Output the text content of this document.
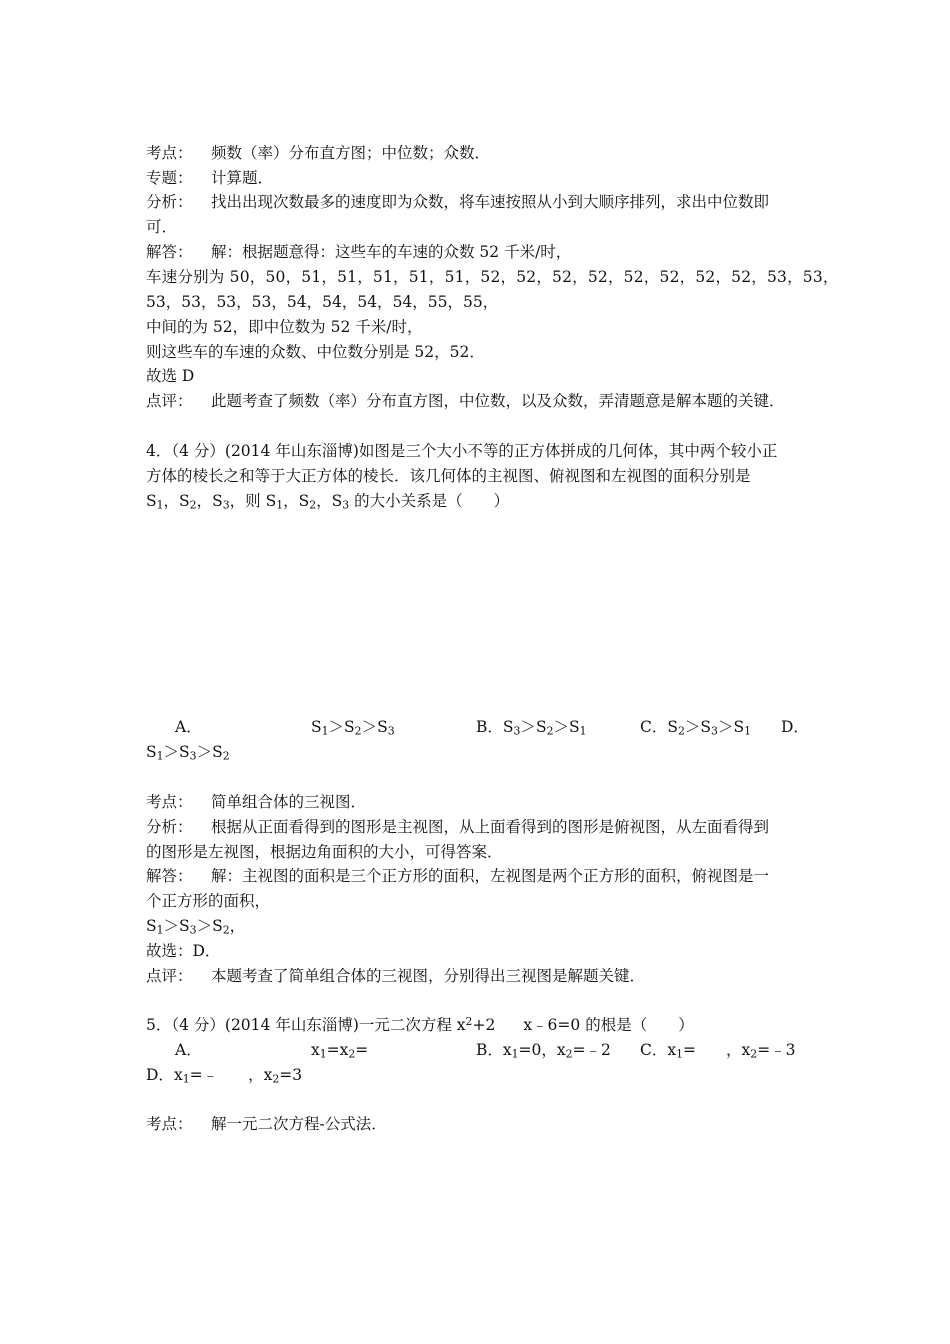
考点： 频数（率）分布直方图；中位数；众数．
专题： 计算题．
分析： 找出出现次数最多的速度即为众数，将车速按照从小到大顺序排列，求出中位数即
可．
解答： 解：根据题意得：这些车的车速的众数 52 千米/时，
车速分别为 50，50，51，51，51，51，51，52，52，52，52，52，52，52，52，53，53，
53，53，53，53，54，54，54，54，55，55，
中间的为 52，即中位数为 52 千米/时，
则这些车的车速的众数、中位数分别是 52，52．
故选 D
点评： 此题考查了频数（率）分布直方图，中位数，以及众数，弄清题意是解本题的关键．
4．（4 分）(2014 年山东淄博)如图是三个大小不等的正方体拼成的几何体，其中两个较小正
方体的棱长之和等于大正方体的棱长．该几何体的主视图、俯视图和左视图的面积分别是
$S_1$，$S_2$，$S_3$，则 $S_1$，$S_2$，$S_3$ 的大小关系是（　　）
A．	$S_1>S_2>S_3$	B．$S_3>S_2>S_1$	C．$S_2>S_3>S_1$ D．
$S_1>S_3>S_2$
考点： 简单组合体的三视图．
分析： 根据从正面看得到的图形是主视图，从上面看得到的图形是俯视图，从左面看得到
的图形是左视图，根据边角面积的大小，可得答案．
解答： 解：主视图的面积是三个正方形的面积，左视图是两个正方形的面积，俯视图是一
个正方形的面积，
$S_1>S_3>S_2$，
故选：D．
点评： 本题考查了简单组合体的三视图，分别得出三视图是解题关键．
5．（4 分）(2014 年山东淄博)一元二次方程 $x^2+2$ x﹣6=0 的根是（　　）
A．	$x_1=x_2=$	B．$x_1=0$，$x_2=﹣2$ C．$x_1=$ ，$x_2=﹣3$
D．$x_1=﹣$ ，$x_2=3$
考点： 解一元二次方程-公式法．
